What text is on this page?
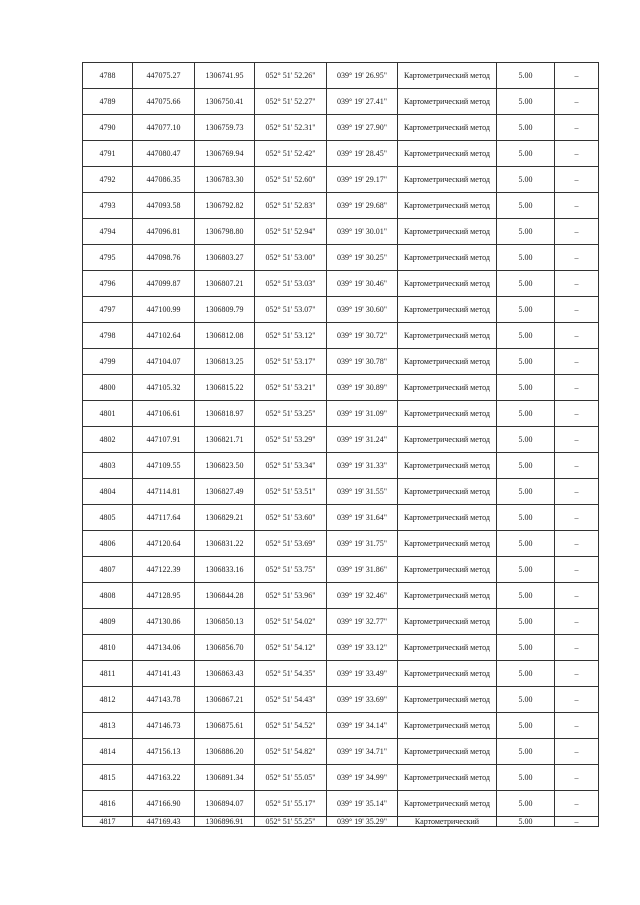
4788	447075.27	1306741.95	052° 51' 52.26"	039° 19' 26.95"	Картометрический метод	5.00	–
4789	447075.66	1306750.41	052° 51' 52.27"	039° 19' 27.41"	Картометрический метод	5.00	–
4790	447077.10	1306759.73	052° 51' 52.31"	039° 19' 27.90"	Картометрический метод	5.00	–
4791	447080.47	1306769.94	052° 51' 52.42"	039° 19' 28.45"	Картометрический метод	5.00	–
4792	447086.35	1306783.30	052° 51' 52.60"	039° 19' 29.17"	Картометрический метод	5.00	–
4793	447093.58	1306792.82	052° 51' 52.83"	039° 19' 29.68"	Картометрический метод	5.00	–
4794	447096.81	1306798.80	052° 51' 52.94"	039° 19' 30.01"	Картометрический метод	5.00	–
4795	447098.76	1306803.27	052° 51' 53.00"	039° 19' 30.25"	Картометрический метод	5.00	–
4796	447099.87	1306807.21	052° 51' 53.03"	039° 19' 30.46"	Картометрический метод	5.00	–
4797	447100.99	1306809.79	052° 51' 53.07"	039° 19' 30.60"	Картометрический метод	5.00	–
4798	447102.64	1306812.08	052° 51' 53.12"	039° 19' 30.72"	Картометрический метод	5.00	–
4799	447104.07	1306813.25	052° 51' 53.17"	039° 19' 30.78"	Картометрический метод	5.00	–
4800	447105.32	1306815.22	052° 51' 53.21"	039° 19' 30.89"	Картометрический метод	5.00	–
4801	447106.61	1306818.97	052° 51' 53.25"	039° 19' 31.09"	Картометрический метод	5.00	–
4802	447107.91	1306821.71	052° 51' 53.29"	039° 19' 31.24"	Картометрический метод	5.00	–
4803	447109.55	1306823.50	052° 51' 53.34"	039° 19' 31.33"	Картометрический метод	5.00	–
4804	447114.81	1306827.49	052° 51' 53.51"	039° 19' 31.55"	Картометрический метод	5.00	–
4805	447117.64	1306829.21	052° 51' 53.60"	039° 19' 31.64"	Картометрический метод	5.00	–
4806	447120.64	1306831.22	052° 51' 53.69"	039° 19' 31.75"	Картометрический метод	5.00	–
4807	447122.39	1306833.16	052° 51' 53.75"	039° 19' 31.86"	Картометрический метод	5.00	–
4808	447128.95	1306844.28	052° 51' 53.96"	039° 19' 32.46"	Картометрический метод	5.00	–
4809	447130.86	1306850.13	052° 51' 54.02"	039° 19' 32.77"	Картометрический метод	5.00	–
4810	447134.06	1306856.70	052° 51' 54.12"	039° 19' 33.12"	Картометрический метод	5.00	–
4811	447141.43	1306863.43	052° 51' 54.35"	039° 19' 33.49"	Картометрический метод	5.00	–
4812	447143.78	1306867.21	052° 51' 54.43"	039° 19' 33.69"	Картометрический метод	5.00	–
4813	447146.73	1306875.61	052° 51' 54.52"	039° 19' 34.14"	Картометрический метод	5.00	–
4814	447156.13	1306886.20	052° 51' 54.82"	039° 19' 34.71"	Картометрический метод	5.00	–
4815	447163.22	1306891.34	052° 51' 55.05"	039° 19' 34.99"	Картометрический метод	5.00	–
4816	447166.90	1306894.07	052° 51' 55.17"	039° 19' 35.14"	Картометрический метод	5.00	–
4817	447169.43	1306896.91	052° 51' 55.25"	039° 19' 35.29"	Картометрический	5.00	–
